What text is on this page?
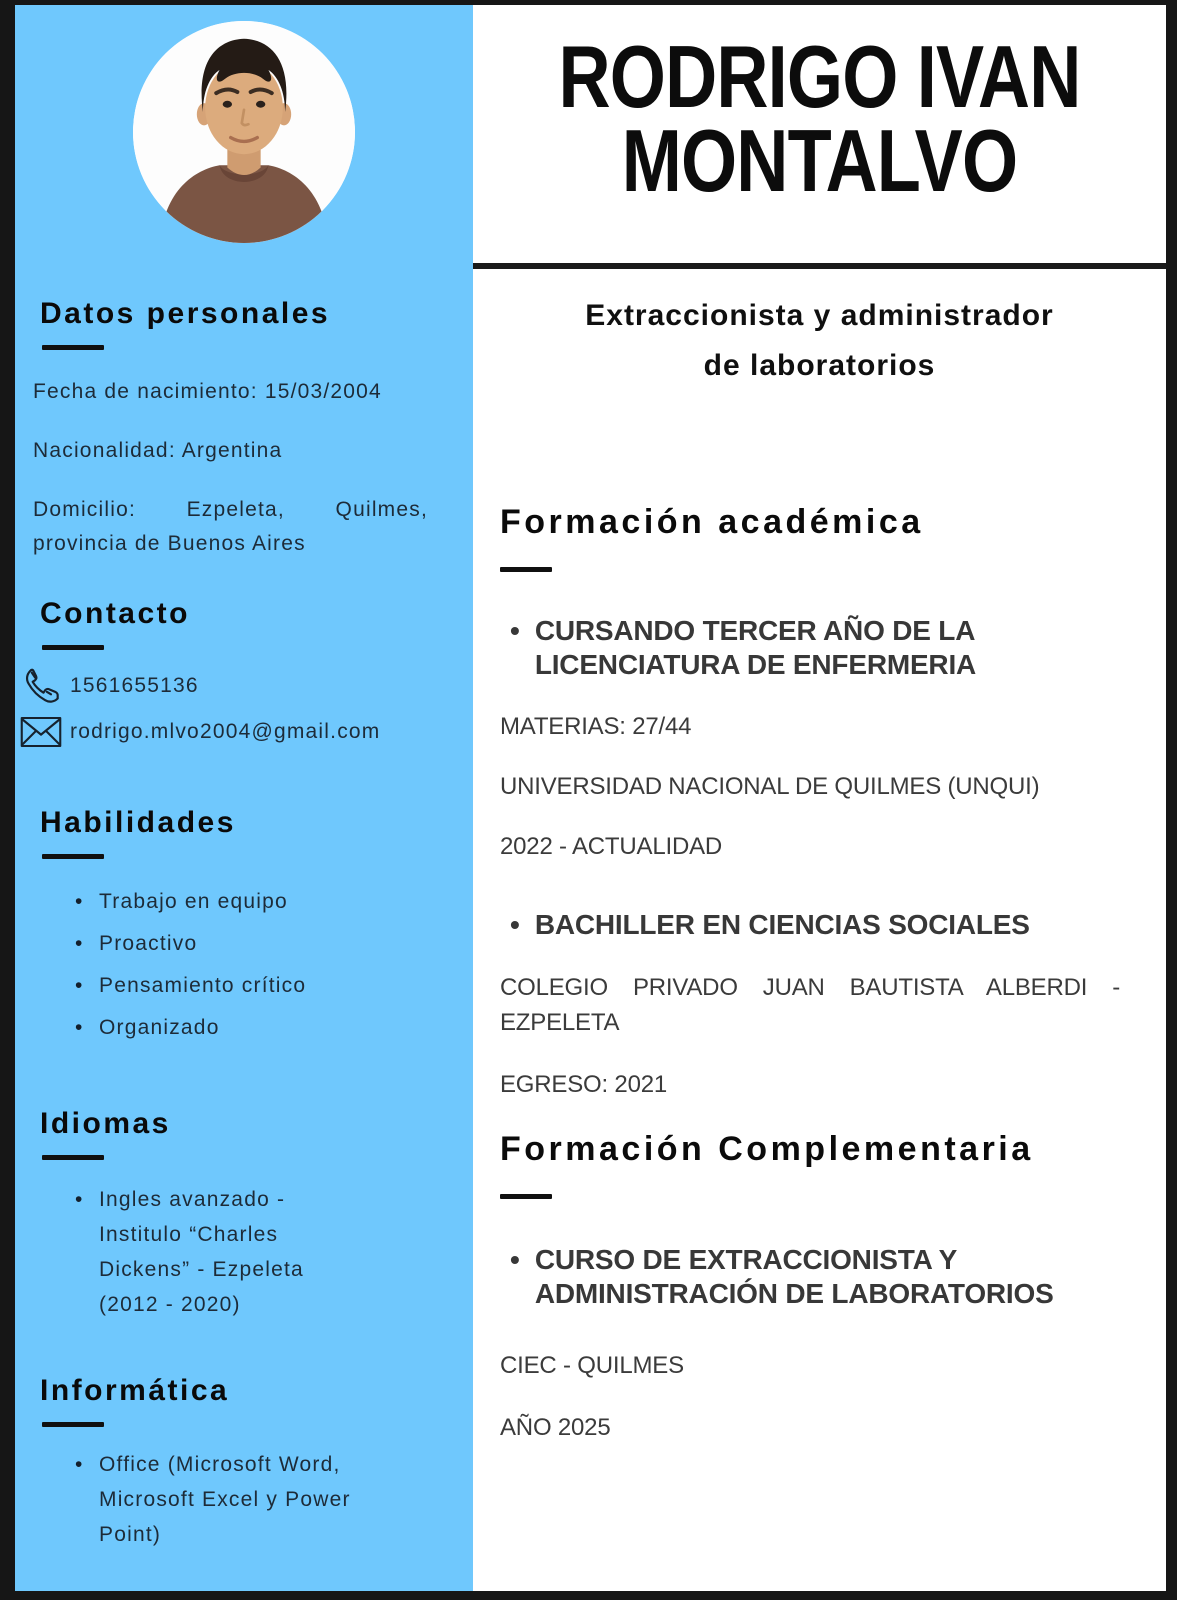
Datos personales

Fecha de nacimiento: 15/03/2004

Nacionalidad: Argentina

Domicilio: Ezpeleta, Quilmes, provincia de Buenos Aires

Contacto
1561655136
rodrigo.mlvo2004@gmail.com
Habilidades
• Trabajo en equipo
• Proactivo
• Pensamiento crítico
• Organizado
Idiomas
• Ingles avanzado - Institulo “Charles Dickens” - Ezpeleta (2012 - 2020)
Informática
• Office (Microsoft Word, Microsoft Excel y Power Point)
RODRIGO IVAN
MONTALVO
Extraccionista y administrador
de laboratorios
Formación académica
• CURSANDO TERCER AÑO DE LA LICENCIATURA DE ENFERMERIA

MATERIAS: 27/44

UNIVERSIDAD NACIONAL DE QUILMES (UNQUI)

2022 - ACTUALIDAD

• BACHILLER EN CIENCIAS SOCIALES

COLEGIO PRIVADO JUAN BAUTISTA ALBERDI - EZPELETA

EGRESO: 2021

Formación Complementaria
• CURSO DE EXTRACCIONISTA Y ADMINISTRACIÓN DE LABORATORIOS

CIEC - QUILMES

AÑO 2025
